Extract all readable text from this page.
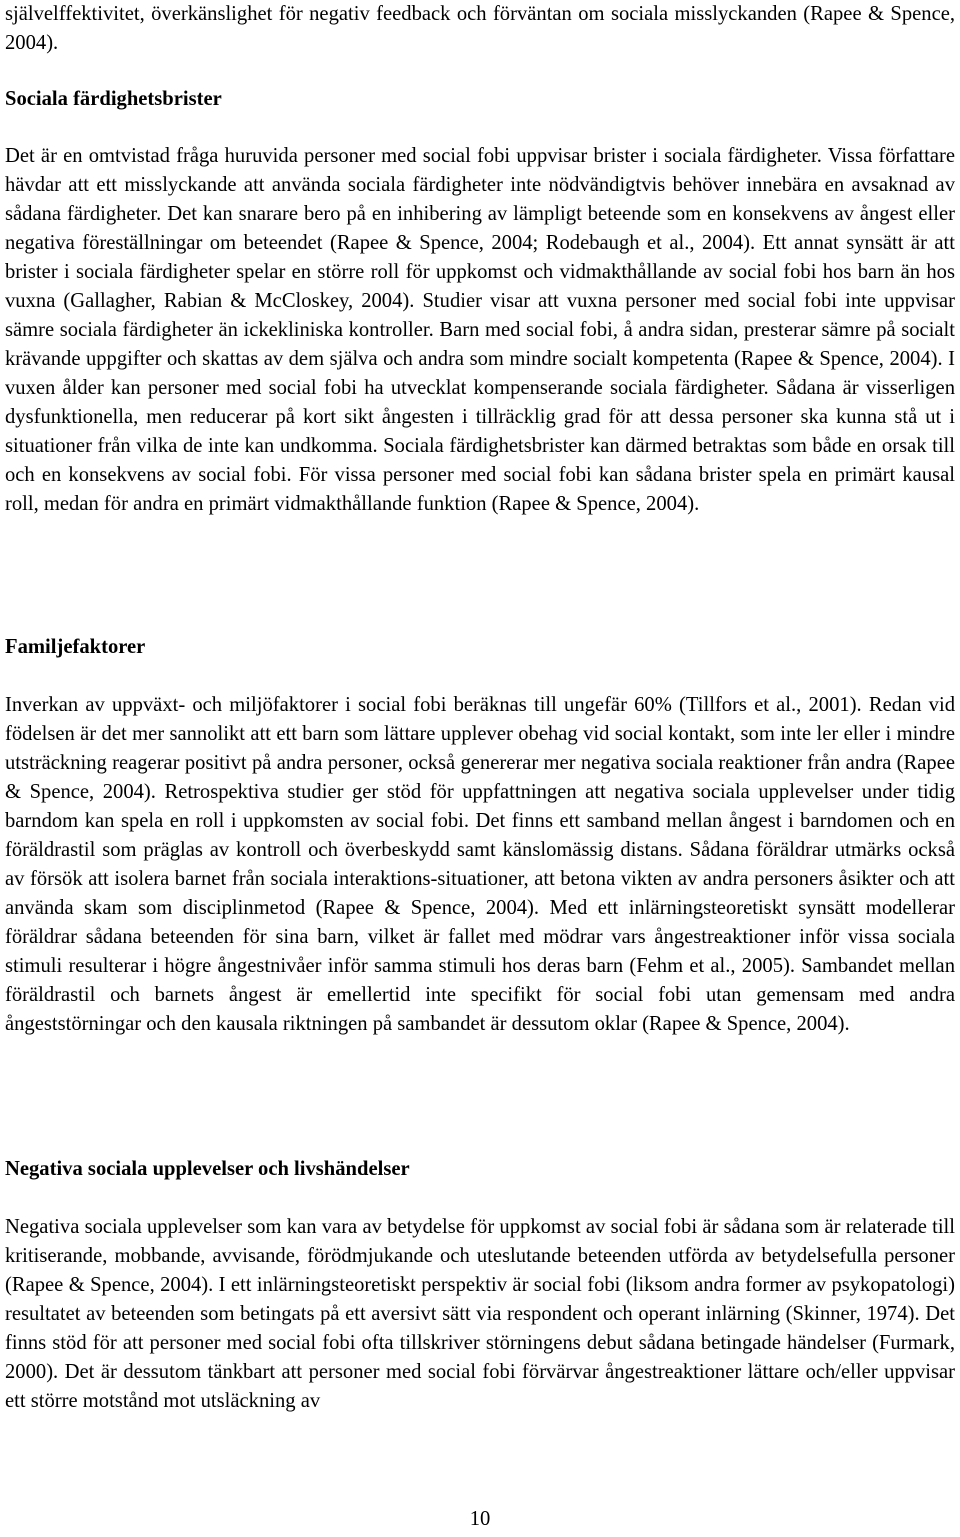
självelffektivitet, överkänslighet för negativ feedback och förväntan om sociala misslyckanden (Rapee & Spence, 2004).

Sociala färdighetsbrister

Det är en omtvistad fråga huruvida personer med social fobi uppvisar brister i sociala färdigheter. Vissa författare hävdar att ett misslyckande att använda sociala färdigheter inte nödvändigtvis behöver innebära en avsaknad av sådana färdigheter. Det kan snarare bero på en inhibering av lämpligt beteende som en konsekvens av ångest eller negativa föreställningar om beteendet (Rapee & Spence, 2004; Rodebaugh et al., 2004). Ett annat synsätt är att brister i sociala färdigheter spelar en större roll för uppkomst och vidmakthållande av social fobi hos barn än hos vuxna (Gallagher, Rabian & McCloskey, 2004). Studier visar att vuxna personer med social fobi inte uppvisar sämre sociala färdigheter än ickekliniska kontroller. Barn med social fobi, å andra sidan, presterar sämre på socialt krävande uppgifter och skattas av dem själva och andra som mindre socialt kompetenta (Rapee & Spence, 2004). I vuxen ålder kan personer med social fobi ha utvecklat kompenserande sociala färdigheter. Sådana är visserligen dysfunktionella, men reducerar på kort sikt ångesten i tillräcklig grad för att dessa personer ska kunna stå ut i situationer från vilka de inte kan undkomma. Sociala färdighetsbrister kan därmed betraktas som både en orsak till och en konsekvens av social fobi. För vissa personer med social fobi kan sådana brister spela en primärt kausal roll, medan för andra en primärt vidmakthållande funktion (Rapee & Spence, 2004).

Familjefaktorer

Inverkan av uppväxt- och miljöfaktorer i social fobi beräknas till ungefär 60% (Tillfors et al., 2001). Redan vid födelsen är det mer sannolikt att ett barn som lättare upplever obehag vid social kontakt, som inte ler eller i mindre utsträckning reagerar positivt på andra personer, också genererar mer negativa sociala reaktioner från andra (Rapee & Spence, 2004). Retrospektiva studier ger stöd för uppfattningen att negativa sociala upplevelser under tidig barndom kan spela en roll i uppkomsten av social fobi. Det finns ett samband mellan ångest i barndomen och en föräldrastil som präglas av kontroll och överbeskydd samt känslomässig distans. Sådana föräldrar utmärks också av försök att isolera barnet från sociala interaktions-situationer, att betona vikten av andra personers åsikter och att använda skam som disciplinmetod (Rapee & Spence, 2004). Med ett inlärningsteoretiskt synsätt modellerar föräldrar sådana beteenden för sina barn, vilket är fallet med mödrar vars ångestreaktioner inför vissa sociala stimuli resulterar i högre ångestnivåer inför samma stimuli hos deras barn (Fehm et al., 2005). Sambandet mellan föräldrastil och barnets ångest är emellertid inte specifikt för social fobi utan gemensam med andra ångeststörningar och den kausala riktningen på sambandet är dessutom oklar (Rapee & Spence, 2004).

Negativa sociala upplevelser och livshändelser

Negativa sociala upplevelser som kan vara av betydelse för uppkomst av social fobi är sådana som är relaterade till kritiserande, mobbande, avvisande, förödmjukande och uteslutande beteenden utförda av betydelsefulla personer (Rapee & Spence, 2004). I ett inlärningsteoretiskt perspektiv är social fobi (liksom andra former av psykopatologi) resultatet av beteenden som betingats på ett aversivt sätt via respondent och operant inlärning (Skinner, 1974). Det finns stöd för att personer med social fobi ofta tillskriver störningens debut sådana betingade händelser (Furmark, 2000). Det är dessutom tänkbart att personer med social fobi förvärvar ångestreaktioner lättare och/eller uppvisar ett större motstånd mot utsläckning av

10
